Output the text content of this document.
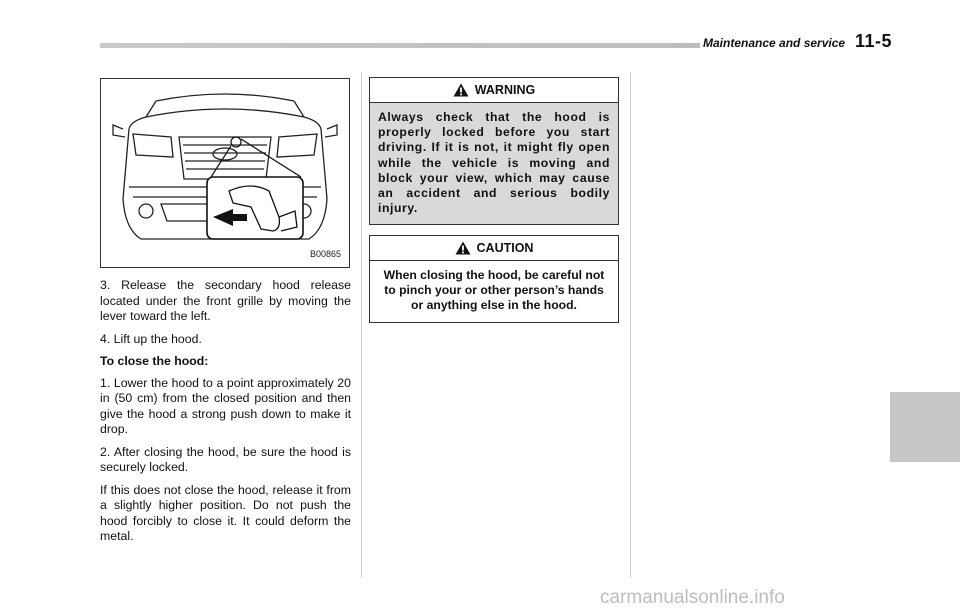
Maintenance and service 11-5
B00865

3. Release the secondary hood release located under the front grille by moving the lever toward the left.

4. Lift up the hood.

To close the hood:

1. Lower the hood to a point approximately 20 in (50 cm) from the closed position and then give the hood a strong push down to make it drop.

2. After closing the hood, be sure the hood is securely locked.

If this does not close the hood, release it from a slightly higher position. Do not push the hood forcibly to close it. It could deform the metal.

WARNING
Always check that the hood is properly locked before you start driving. If it is not, it might fly open while the vehicle is moving and block your view, which may cause an accident and serious bodily injury.
CAUTION
When closing the hood, be careful not to pinch your or other person’s hands or anything else in the hood.
carmanualsonline.info
